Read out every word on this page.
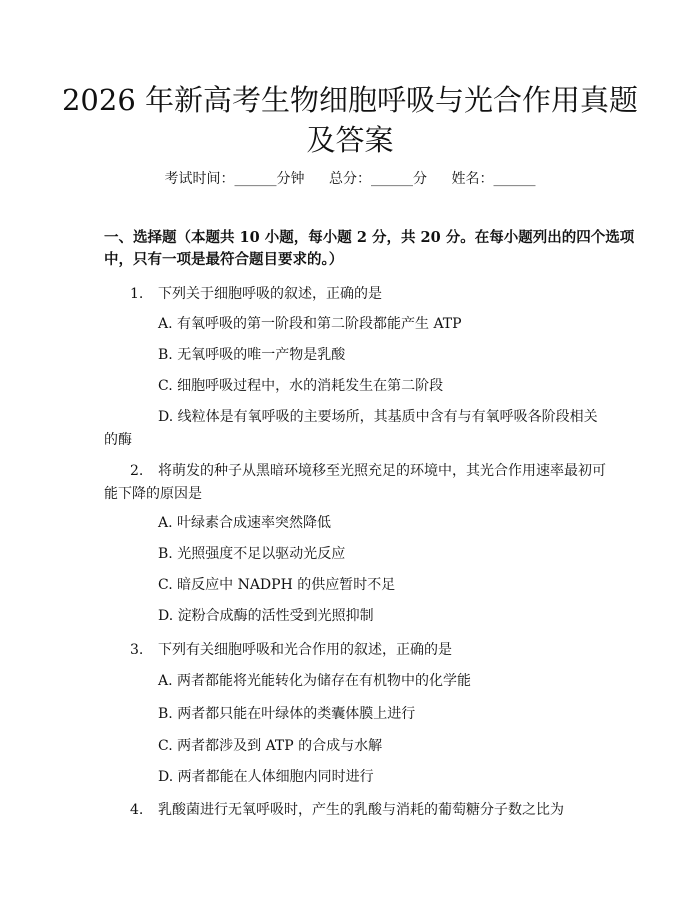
2026 年新高考生物细胞呼吸与光合作用真题
及答案
考试时间：______分钟 总分：______分 姓名：______
一、选择题（本题共 10 小题，每小题 2 分，共 20 分。在每小题列出的四个选项
中，只有一项是最符合题目要求的。）
1. 下列关于细胞呼吸的叙述，正确的是
A. 有氧呼吸的第一阶段和第二阶段都能产生 ATP
B. 无氧呼吸的唯一产物是乳酸
C. 细胞呼吸过程中，水的消耗发生在第二阶段
D. 线粒体是有氧呼吸的主要场所，其基质中含有与有氧呼吸各阶段相关
的酶
2. 将萌发的种子从黑暗环境移至光照充足的环境中，其光合作用速率最初可
能下降的原因是
A. 叶绿素合成速率突然降低
B. 光照强度不足以驱动光反应
C. 暗反应中 NADPH 的供应暂时不足
D. 淀粉合成酶的活性受到光照抑制
3. 下列有关细胞呼吸和光合作用的叙述，正确的是
A. 两者都能将光能转化为储存在有机物中的化学能
B. 两者都只能在叶绿体的类囊体膜上进行
C. 两者都涉及到 ATP 的合成与水解
D. 两者都能在人体细胞内同时进行
4. 乳酸菌进行无氧呼吸时，产生的乳酸与消耗的葡萄糖分子数之比为
